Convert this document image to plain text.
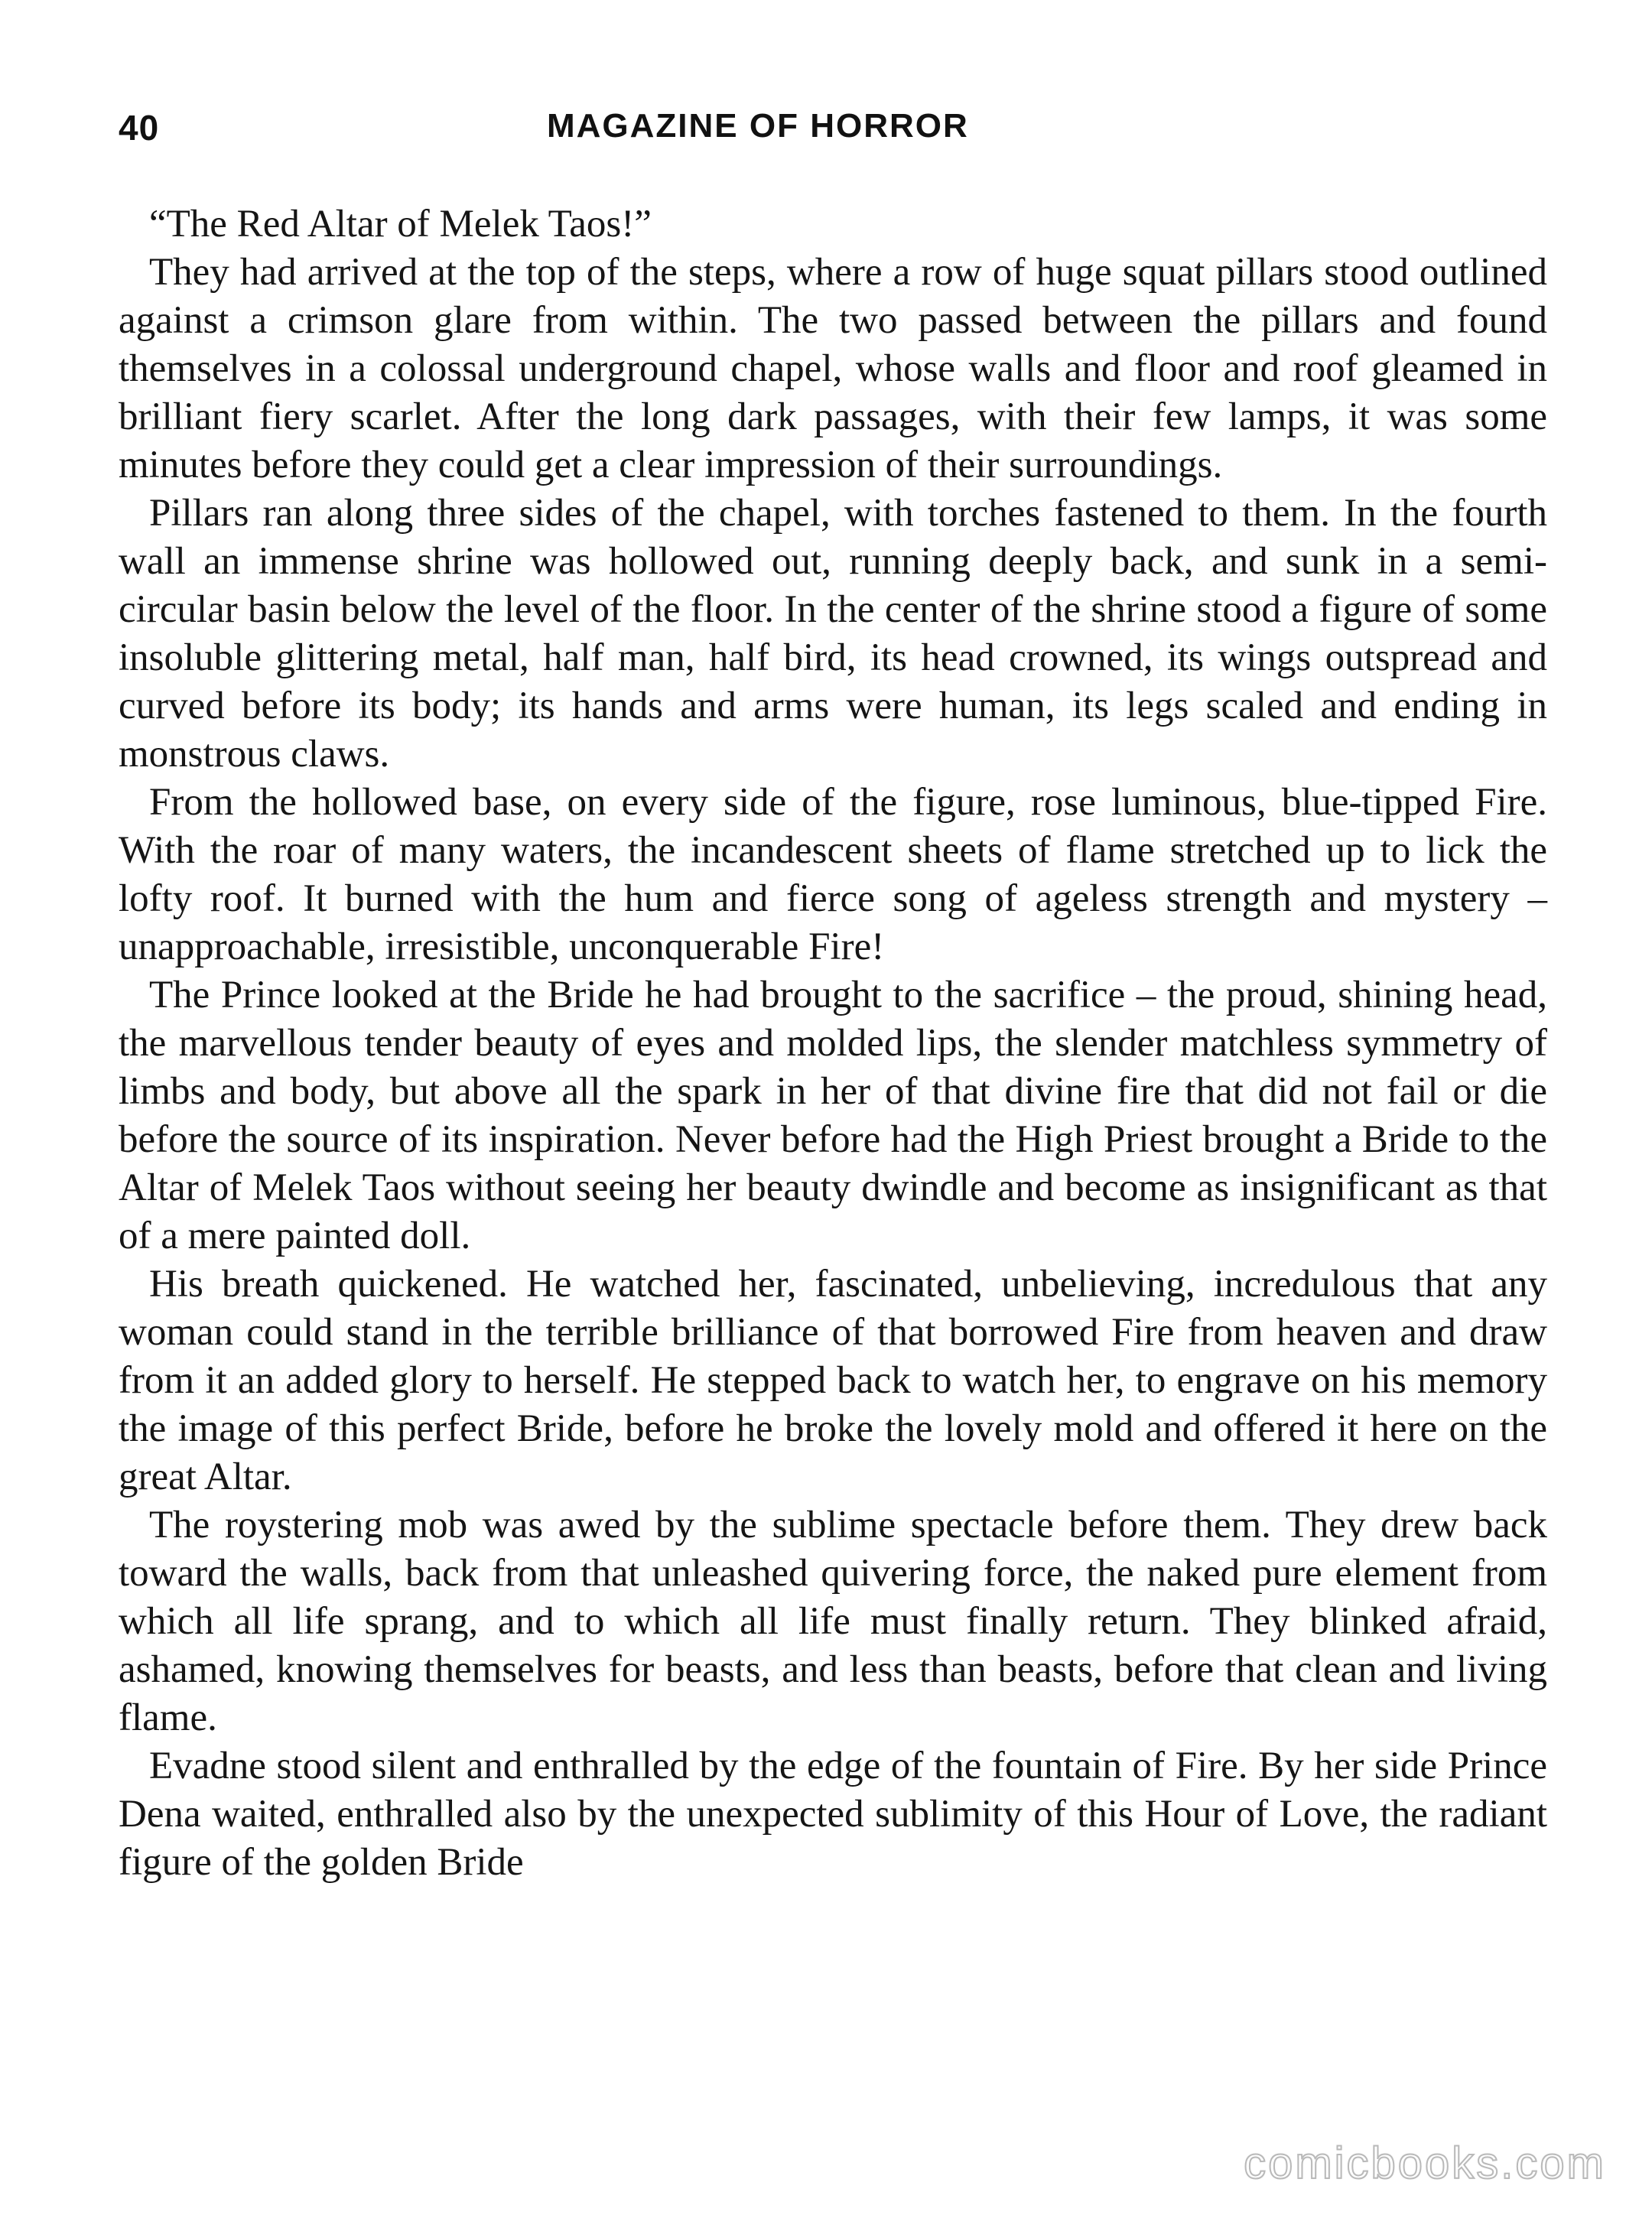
40	MAGAZINE OF HORROR

“The Red Altar of Melek Taos!”

They had arrived at the top of the steps, where a row of huge squat pillars stood outlined against a crimson glare from within. The two passed between the pillars and found themselves in a colossal underground chapel, whose walls and floor and roof gleamed in brilliant fiery scarlet. After the long dark passages, with their few lamps, it was some minutes before they could get a clear impression of their surroundings.

Pillars ran along three sides of the chapel, with torches fastened to them. In the fourth wall an immense shrine was hollowed out, running deeply back, and sunk in a semi-circular basin below the level of the floor. In the center of the shrine stood a figure of some insoluble glittering metal, half man, half bird, its head crowned, its wings outspread and curved before its body; its hands and arms were human, its legs scaled and ending in monstrous claws.

From the hollowed base, on every side of the figure, rose luminous, blue-tipped Fire. With the roar of many waters, the incandescent sheets of flame stretched up to lick the lofty roof. It burned with the hum and fierce song of ageless strength and mystery – unapproachable, irresistible, unconquerable Fire!

The Prince looked at the Bride he had brought to the sacrifice – the proud, shining head, the marvellous tender beauty of eyes and molded lips, the slender matchless symmetry of limbs and body, but above all the spark in her of that divine fire that did not fail or die before the source of its inspiration. Never before had the High Priest brought a Bride to the Altar of Melek Taos without seeing her beauty dwindle and become as insignificant as that of a mere painted doll.

His breath quickened. He watched her, fascinated, unbelieving, incredulous that any woman could stand in the terrible brilliance of that borrowed Fire from heaven and draw from it an added glory to herself. He stepped back to watch her, to engrave on his memory the image of this perfect Bride, before he broke the lovely mold and offered it here on the great Altar.

The roystering mob was awed by the sublime spectacle before them. They drew back toward the walls, back from that unleashed quivering force, the naked pure element from which all life sprang, and to which all life must finally return. They blinked afraid, ashamed, knowing themselves for beasts, and less than beasts, before that clean and living flame.

Evadne stood silent and enthralled by the edge of the fountain of Fire. By her side Prince Dena waited, enthralled also by the unexpected sublimity of this Hour of Love, the radiant figure of the golden Bride

comicbooks.com
